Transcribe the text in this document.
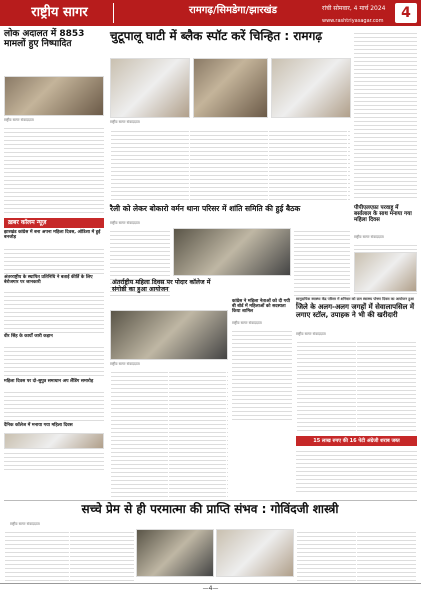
राष्ट्रीय सागर	रामगढ़/सिमडेगा/झारखंड	रांची सोमवार, 4 मार्च 2024
www.rashtriyasagar.com	4
लोक अदालत में 8853 मामलों हुए निष्पादित
राष्ट्रीय सागर संवाददाता
चुटूपालू घाटी में ब्लैक स्पॉट करें चिन्हित : रामगढ़
राष्ट्रीय सागर संवाददाता
ख़बर कॉलम न्यूज़
झारखंड कांग्रेस में बना अपना महिला दिवस, ओडिशा में हुई बनजोड़
अंतरराष्ट्रीय के स्थापित प्रतिनिधि ने बताई कीर्ति के लिए बेरोजगार पर जानकारी
वीर सिंह के कार्यों जारी कहान
महिला दिवस पर दो-सुपुत्र समाधान अप लैंडिंग समारोह
दैनिक कॉलेज में मनाया गया महिला दिवस
रैली को लेकर बोकारो वर्मन थाना परिसर में शांति समिति की हुई बैठक
राष्ट्रीय सागर संवाददाता
पीपीएलएफ़ा परवाहू में बर्सालाल के साथ मनाया गया महिला दिवस
राष्ट्रीय सागर संवाददाता
अंतर्राष्ट्रीय महिला दिवस पर पोदार कॉलेज में संगोष्ठी का हुआ आयोजन
राष्ट्रीय सागर संवाददाता
कांग्रेस ने महिला नेताओं को दी गयी बी बोर्ड में महिलाओं को सदस्यता किया शामिल
राष्ट्रीय सागर संवाददाता
सामुदायिक स्वास्थ्य केंद्र परिसर में शनिवार को ग्राम स्वास्थ्य पोषण दिवस का आयोजन हुआ
जिले के अलग-अलग जगहों में सेवालापसिल में लगाए स्टॉल, उपाहक ने भी की खरीदारी
राष्ट्रीय सागर संवाददाता
15 लाख रुपए की 16 पेटी अंग्रेजी शराब जब्त
सच्चे प्रेम से ही परमात्मा की प्राप्ति संभव : गोविंदजी शास्त्री
राष्ट्रीय सागर संवाददाता
—4—
